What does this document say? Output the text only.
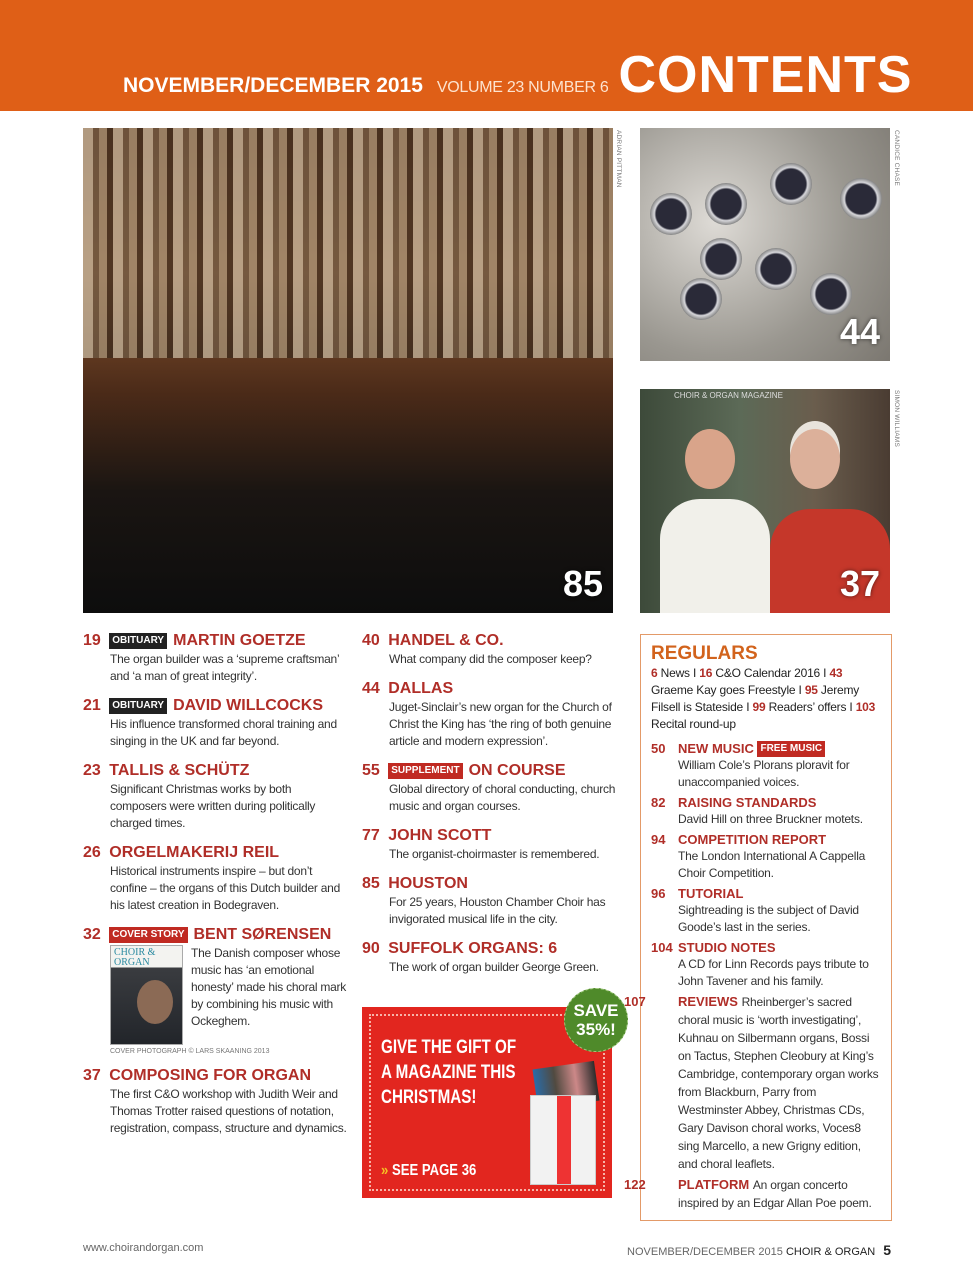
NOVEMBER/DECEMBER 2015 VOLUME 23 NUMBER 6 CONTENTS
85
ADRIAN PITTMAN
44
CANDICE CHASE
CHOIR & ORGAN MAGAZINE
37
SIMON WILLIAMS
19 OBITUARY MARTIN GOETZE
The organ builder was a ‘supreme craftsman’ and ‘a man of great integrity’.
21 OBITUARY DAVID WILLCOCKS
His influence transformed choral training and singing in the UK and far beyond.
23 TALLIS & SCHÜTZ
Significant Christmas works by both composers were written during politically charged times.
26 ORGELMAKERIJ REIL
Historical instruments inspire – but don’t confine – the organs of this Dutch builder and his latest creation in Bodegraven.
32 COVER STORY BENT SØRENSEN
CHOIR & ORGAN
The Danish composer whose music has ‘an emotional honesty’ made his choral mark by combining his music with Ockeghem.
COVER PHOTOGRAPH © LARS SKAANING 2013
37 COMPOSING FOR ORGAN
The first C&O workshop with Judith Weir and Thomas Trotter raised questions of notation, registration, compass, structure and dynamics.
40 HANDEL & CO.
What company did the composer keep?
44 DALLAS
Juget-Sinclair’s new organ for the Church of Christ the King has ‘the ring of both genuine article and modern expression’.
55 SUPPLEMENT ON COURSE
Global directory of choral conducting, church music and organ courses.
77 JOHN SCOTT
The organist-choirmaster is remembered.
85 HOUSTON
For 25 years, Houston Chamber Choir has invigorated musical life in the city.
90 SUFFOLK ORGANS: 6
The work of organ builder George Green.
GIVE THE GIFT OF A MAGAZINE THIS CHRISTMAS!
» SEE PAGE 36
SAVE 35%!
REGULARS
6 News I 16 C&O Calendar 2016 I 43 Graeme Kay goes Freestyle I 95 Jeremy Filsell is Stateside I 99 Readers’ offers I 103 Recital round-up
50 NEW MUSIC FREE MUSIC
William Cole’s Plorans ploravit for unaccompanied voices.
82 RAISING STANDARDS
David Hill on three Bruckner motets.
94 COMPETITION REPORT
The London International A Cappella Choir Competition.
96 TUTORIAL
Sightreading is the subject of David Goode’s last in the series.
104 STUDIO NOTES
A CD for Linn Records pays tribute to John Tavener and his family.
107 REVIEWS Rheinberger’s sacred choral music is ‘worth investigating’, Kuhnau on Silbermann organs, Bossi on Tactus, Stephen Cleobury at King’s Cambridge, contemporary organ works from Blackburn, Parry from Westminster Abbey, Christmas CDs, Gary Davison choral works, Voces8 sing Marcello, a new Grigny edition, and choral leaflets.
122 PLATFORM An organ concerto inspired by an Edgar Allan Poe poem.
www.choirandorgan.com	NOVEMBER/DECEMBER 2015 CHOIR & ORGAN 5
